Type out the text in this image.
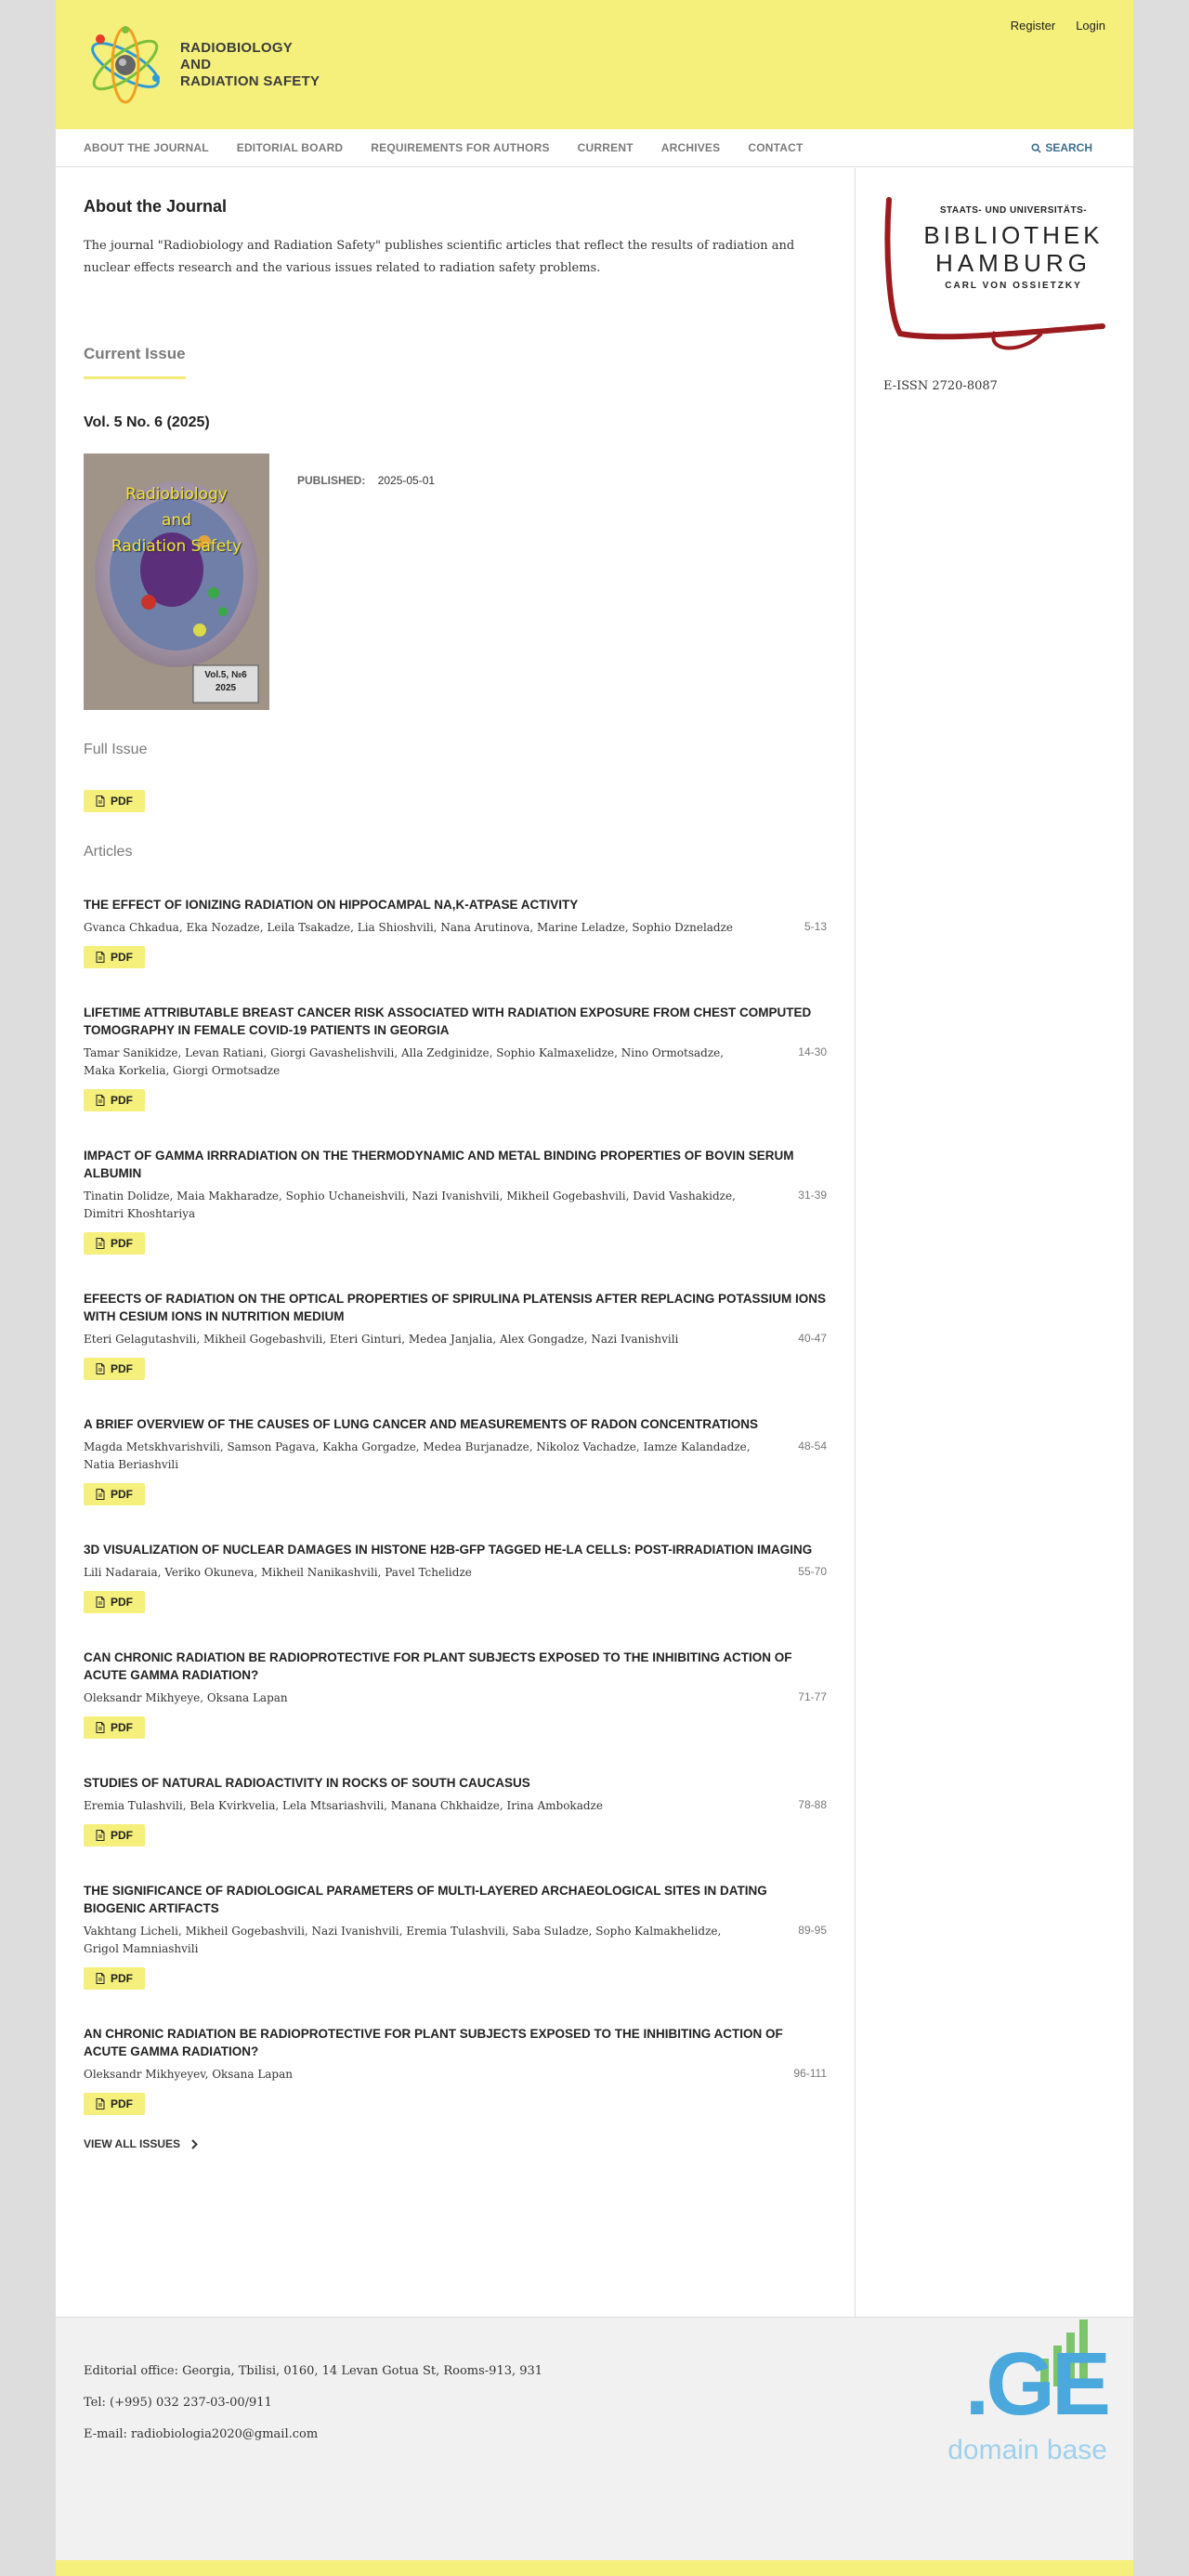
RADIOBIOLOGY
AND
RADIATION SAFETY
Register Login
ABOUT THE JOURNAL	EDITORIAL BOARD	REQUIREMENTS FOR AUTHORS	CURRENT	ARCHIVES	CONTACT	SEARCH
About the Journal

The journal "Radiobiology and Radiation Safety" publishes scientific articles that reflect the results of radiation and nuclear effects research and the various issues related to radiation safety problems.

Current Issue
Vol. 5 No. 6 (2025)
Radiobiology
and
Radiation Safety
Vol.5, №6
2025
PUBLISHED: 2025-05-01
Full Issue
PDF
Articles
THE EFFECT OF IONIZING RADIATION ON HIPPOCAMPAL NA,K-ATPASE ACTIVITY
Gvanca Chkadua, Eka Nozadze, Leila Tsakadze, Lia Shioshvili, Nana Arutinova, Marine Leladze, Sophio Dzneladze	5-13
PDF
LIFETIME ATTRIBUTABLE BREAST CANCER RISK ASSOCIATED WITH RADIATION EXPOSURE FROM CHEST COMPUTED TOMOGRAPHY IN FEMALE COVID-19 PATIENTS IN GEORGIA
Tamar Sanikidze, Levan Ratiani, Giorgi Gavashelishvili, Alla Zedginidze, Sophio Kalmaxelidze, Nino Ormotsadze, Maka Korkelia, Giorgi Ormotsadze
14-30
PDF
IMPACT OF GAMMA IRRRADIATION ON THE THERMODYNAMIC AND METAL BINDING PROPERTIES OF BOVIN SERUM ALBUMIN
Tinatin Dolidze, Maia Makharadze, Sophio Uchaneishvili, Nazi Ivanishvili, Mikheil Gogebashvili, David Vashakidze, Dimitri Khoshtariya
31-39
PDF
EFEECTS OF RADIATION ON THE OPTICAL PROPERTIES OF SPIRULINA PLATENSIS AFTER REPLACING POTASSIUM IONS WITH CESIUM IONS IN NUTRITION MEDIUM
Eteri Gelagutashvili, Mikheil Gogebashvili, Eteri Ginturi, Medea Janjalia, Alex Gongadze, Nazi Ivanishvili	40-47
PDF
A BRIEF OVERVIEW OF THE CAUSES OF LUNG CANCER AND MEASUREMENTS OF RADON CONCENTRATIONS
Magda Metskhvarishvili, Samson Pagava, Kakha Gorgadze, Medea Burjanadze, Nikoloz Vachadze, Iamze Kalandadze, Natia Beriashvili
48-54
PDF
3D VISUALIZATION OF NUCLEAR DAMAGES IN HISTONE H2B-GFP TAGGED HE-LA CELLS: POST-IRRADIATION IMAGING
Lili Nadaraia, Veriko Okuneva, Mikheil Nanikashvili, Pavel Tchelidze	55-70
PDF
CAN CHRONIC RADIATION BE RADIOPROTECTIVE FOR PLANT SUBJECTS EXPOSED TO THE INHIBITING ACTION OF ACUTE GAMMA RADIATION?
Oleksandr Mikhyeye, Oksana Lapan	71-77
PDF
STUDIES OF NATURAL RADIOACTIVITY IN ROCKS OF SOUTH CAUCASUS
Eremia Tulashvili, Bela Kvirkvelia, Lela Mtsariashvili, Manana Chkhaidze, Irina Ambokadze	78-88
PDF
THE SIGNIFICANCE OF RADIOLOGICAL PARAMETERS OF MULTI-LAYERED ARCHAEOLOGICAL SITES IN DATING BIOGENIC ARTIFACTS
Vakhtang Licheli, Mikheil Gogebashvili, Nazi Ivanishvili, Eremia Tulashvili, Saba Suladze, Sopho Kalmakhelidze, Grigol Mamniashvili
89-95
PDF
AN CHRONIC RADIATION BE RADIOPROTECTIVE FOR PLANT SUBJECTS EXPOSED TO THE INHIBITING ACTION OF ACUTE GAMMA RADIATION?
Oleksandr Mikhyeyev, Oksana Lapan	96-111
PDF
VIEW ALL ISSUES
STAATS- UND UNIVERSITÄTS-
BIBLIOTHEK
HAMBURG
CARL VON OSSIETZKY
E-ISSN 2720-8087

Editorial office: Georgia, Tbilisi, 0160, 14 Levan Gotua St, Rooms-913, 931

Tel: (+995) 032 237-03-00/911

E-mail: radiobiologia2020@gmail.com

.GE
domain base
